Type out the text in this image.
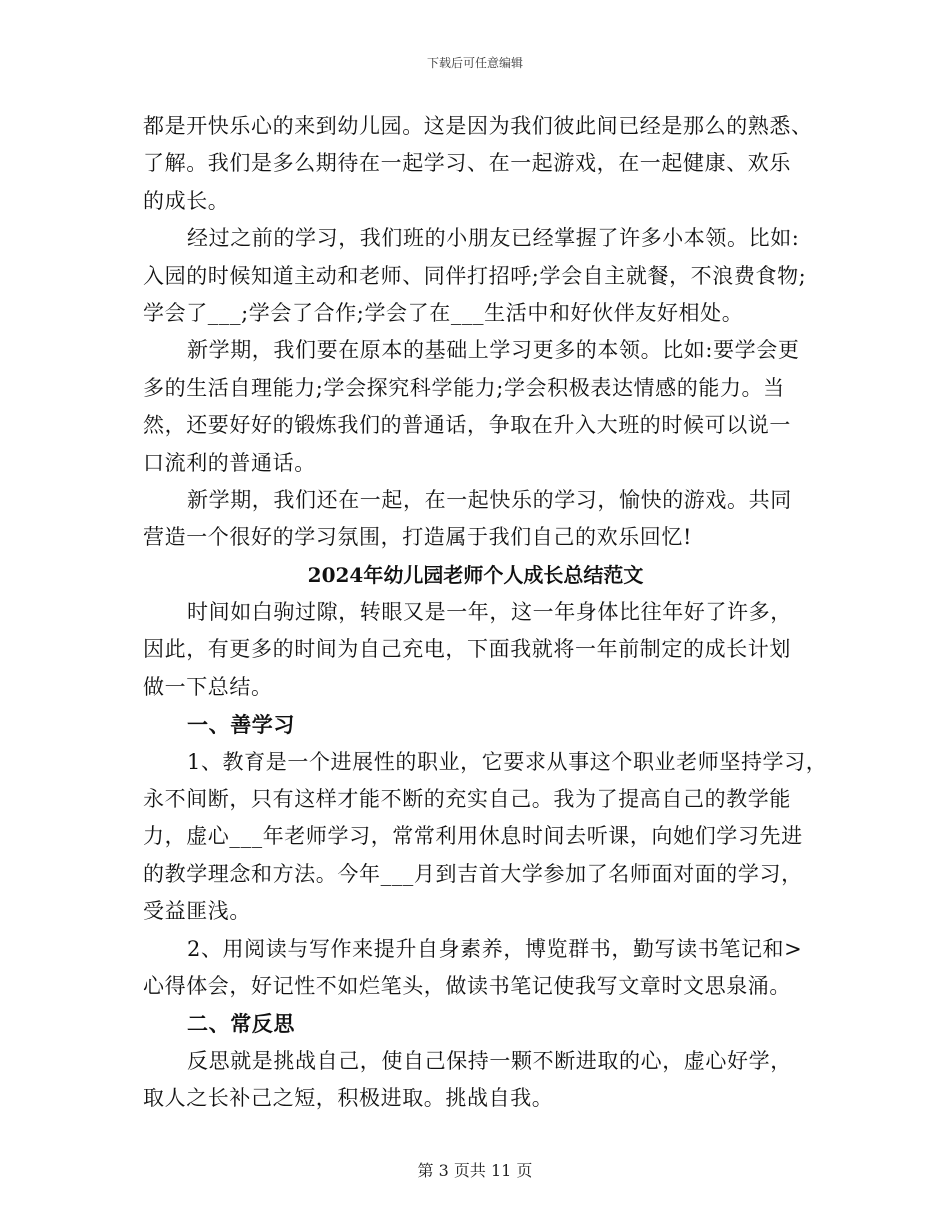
下载后可任意编辑
都是开快乐心的来到幼儿园。这是因为我们彼此间已经是那么的熟悉、
了解。我们是多么期待在一起学习、在一起游戏，在一起健康、欢乐
的成长。
经过之前的学习，我们班的小朋友已经掌握了许多小本领。比如:
入园的时候知道主动和老师、同伴打招呼;学会自主就餐，不浪费食物;
学会了___;学会了合作;学会了在___生活中和好伙伴友好相处。
新学期，我们要在原本的基础上学习更多的本领。比如:要学会更
多的生活自理能力;学会探究科学能力;学会积极表达情感的能力。当
然，还要好好的锻炼我们的普通话，争取在升入大班的时候可以说一
口流利的普通话。
新学期，我们还在一起，在一起快乐的学习，愉快的游戏。共同
营造一个很好的学习氛围，打造属于我们自己的欢乐回忆!
2024年幼儿园老师个人成长总结范文
时间如白驹过隙，转眼又是一年，这一年身体比往年好了许多，
因此，有更多的时间为自己充电，下面我就将一年前制定的成长计划
做一下总结。
一、善学习
1、教育是一个进展性的职业，它要求从事这个职业老师坚持学习，
永不间断，只有这样才能不断的充实自己。我为了提高自己的教学能
力，虚心___年老师学习，常常利用休息时间去听课，向她们学习先进
的教学理念和方法。今年___月到吉首大学参加了名师面对面的学习，
受益匪浅。
2、用阅读与写作来提升自身素养，博览群书，勤写读书笔记和>
心得体会，好记性不如烂笔头，做读书笔记使我写文章时文思泉涌。
二、常反思
反思就是挑战自己，使自己保持一颗不断进取的心，虚心好学，
取人之长补己之短，积极进取。挑战自我。
第 3 页共 11 页
